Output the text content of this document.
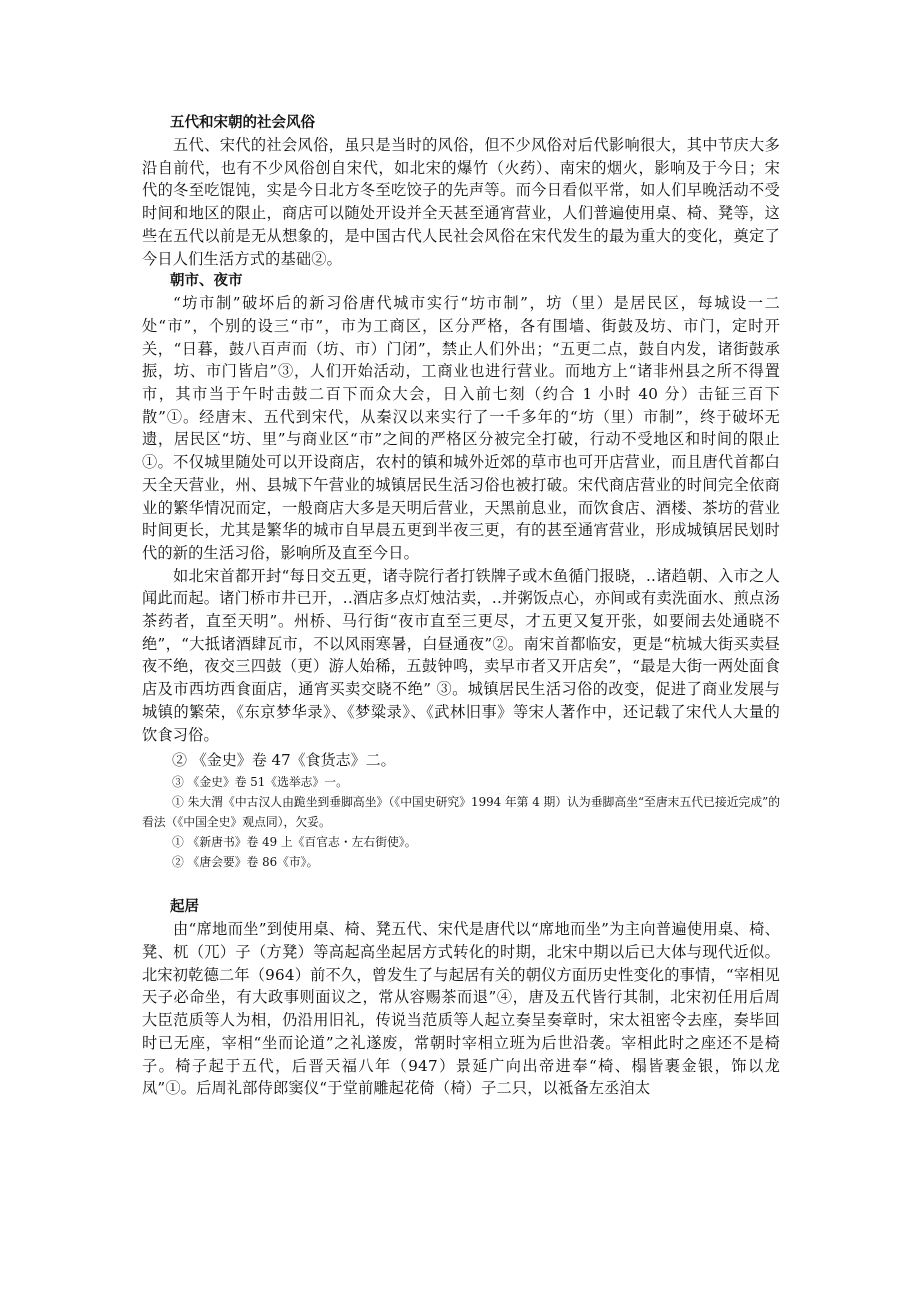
五代和宋朝的社会风俗

五代、宋代的社会风俗，虽只是当时的风俗，但不少风俗对后代影响很大，其中节庆大多沿自前代，也有不少风俗创自宋代，如北宋的爆竹（火药）、南宋的烟火，影响及于今日；宋代的冬至吃馄饨，实是今日北方冬至吃饺子的先声等。而今日看似平常，如人们早晚活动不受时间和地区的限止，商店可以随处开设并全天甚至通宵营业，人们普遍使用桌、椅、凳等，这些在五代以前是无从想象的，是中国古代人民社会风俗在宋代发生的最为重大的变化，奠定了今日人们生活方式的基础②。

朝市、夜市

“坊市制”破坏后的新习俗唐代城市实行“坊市制”，坊（里）是居民区，每城设一二处“市”，个别的设三“市”，市为工商区，区分严格，各有围墙、街鼓及坊、市门，定时开关，“日暮，鼓八百声而（坊、市）门闭”，禁止人们外出；“五更二点，鼓自内发，诸街鼓承振，坊、市门皆启”③，人们开始活动，工商业也进行营业。而地方上“诸非州县之所不得置市，其市当于午时击鼓二百下而众大会，日入前七刻（约合 1 小时 40 分）击钲三百下散”①。经唐末、五代到宋代，从秦汉以来实行了一千多年的“坊（里）市制”，终于破坏无遗，居民区“坊、里”与商业区“市”之间的严格区分被完全打破，行动不受地区和时间的限止①。不仅城里随处可以开设商店，农村的镇和城外近郊的草市也可开店营业，而且唐代首都白天全天营业，州、县城下午营业的城镇居民生活习俗也被打破。宋代商店营业的时间完全依商业的繁华情况而定，一般商店大多是天明后营业，天黑前息业，而饮食店、酒楼、茶坊的营业时间更长，尤其是繁华的城市自早晨五更到半夜三更，有的甚至通宵营业，形成城镇居民划时代的新的生活习俗，影响所及直至今日。

如北宋首都开封“每日交五更，诸寺院行者打铁牌子或木鱼循门报晓，..诸趋朝、入市之人闻此而起。诸门桥市井已开，..酒店多点灯烛沽卖，..并粥饭点心，亦间或有卖洗面水、煎点汤茶药者，直至天明”。州桥、马行街“夜市直至三更尽，才五更又复开张，如要闹去处通晓不绝”，“大抵诸酒肆瓦市，不以风雨寒暑，白昼通夜”②。南宋首都临安，更是“杭城大街买卖昼夜不绝，夜交三四鼓（更）游人始稀，五鼓钟鸣，卖早市者又开店矣”，“最是大街一两处面食店及市西坊西食面店，通宵买卖交晓不绝” ③。城镇居民生活习俗的改变，促进了商业发展与城镇的繁荣，《东京梦华录》、《梦粱录》、《武林旧事》等宋人著作中，还记载了宋代人大量的饮食习俗。

② 《金史》卷 47《食货志》二。

③ 《金史》卷 51《选举志》一。

① 朱大渭《中古汉人由跪坐到垂脚高坐》（《中国史研究》1994 年第 4 期）认为垂脚高坐“至唐末五代已接近完成”的看法（《中国全史》观点同），欠妥。

① 《新唐书》卷 49 上《百官志・左右街使》。

② 《唐会要》卷 86《市》。

起居

由“席地而坐”到使用桌、椅、凳五代、宋代是唐代以“席地而坐”为主向普遍使用桌、椅、凳、杌（兀）子（方凳）等高起高坐起居方式转化的时期，北宋中期以后已大体与现代近似。北宋初乾德二年（964）前不久，曾发生了与起居有关的朝仪方面历史性变化的事情，“宰相见天子必命坐，有大政事则面议之，常从容赐茶而退”④，唐及五代皆行其制，北宋初任用后周大臣范质等人为相，仍沿用旧礼，传说当范质等人起立奏呈奏章时，宋太祖密令去座，奏毕回时已无座，宰相“坐而论道”之礼遂废，常朝时宰相立班为后世沿袭。宰相此时之座还不是椅子。椅子起于五代，后晋天福八年（947）景延广向出帝进奉“椅、榻皆裹金银，饰以龙凤”①。后周礼部侍郎窦仪“于堂前雕起花倚（椅）子二只，以祗备左丞洎太
